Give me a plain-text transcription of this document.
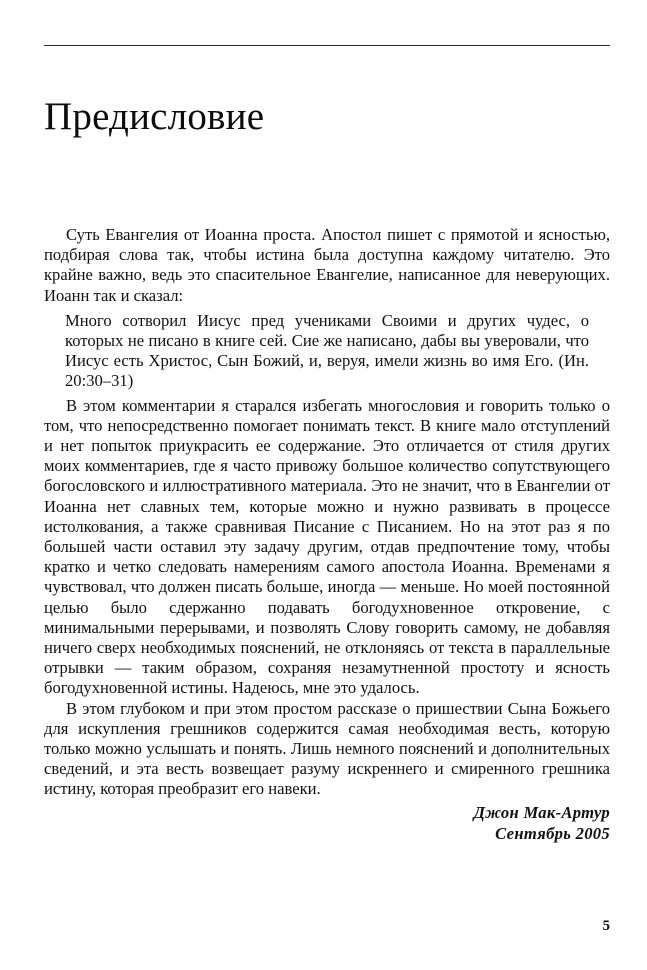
Предисловие

Суть Евангелия от Иоанна проста. Апостол пишет с прямотой и ясностью, подбирая слова так, чтобы истина была доступна каждому читателю. Это крайне важно, ведь это спасительное Евангелие, написанное для неверующих. Иоанн так и сказал:

Много сотворил Иисус пред учениками Своими и других чудес, о которых не писано в книге сей. Сие же написано, дабы вы уверовали, что Иисус есть Христос, Сын Божий, и, веруя, имели жизнь во имя Его. (Ин. 20:30–31)

В этом комментарии я старался избегать многословия и говорить только о том, что непосредственно помогает понимать текст. В книге мало отступлений и нет попыток приукрасить ее содержание. Это отличается от стиля других моих комментариев, где я часто привожу большое количество сопутствующего богословского и иллюстративного материала. Это не значит, что в Евангелии от Иоанна нет славных тем, которые можно и нужно развивать в процессе истолкования, а также сравнивая Писание с Писанием. Но на этот раз я по большей части оставил эту задачу другим, отдав предпочтение тому, чтобы кратко и четко следовать намерениям самого апостола Иоанна. Временами я чувствовал, что должен писать больше, иногда — меньше. Но моей постоянной целью было сдержанно подавать богодухновенное откровение, с минимальными перерывами, и позволять Слову говорить самому, не добавляя ничего сверх необходимых пояснений, не отклоняясь от текста в параллельные отрывки — таким образом, сохраняя незамутненной простоту и ясность богодухновенной истины. Надеюсь, мне это удалось.

В этом глубоком и при этом простом рассказе о пришествии Сына Божьего для искупления грешников содержится самая необходимая весть, которую только можно услышать и понять. Лишь немного пояснений и дополнительных сведений, и эта весть возвещает разуму искреннего и смиренного грешника истину, которая преобразит его навеки.

Джон Мак-Артур
Сентябрь 2005
5
